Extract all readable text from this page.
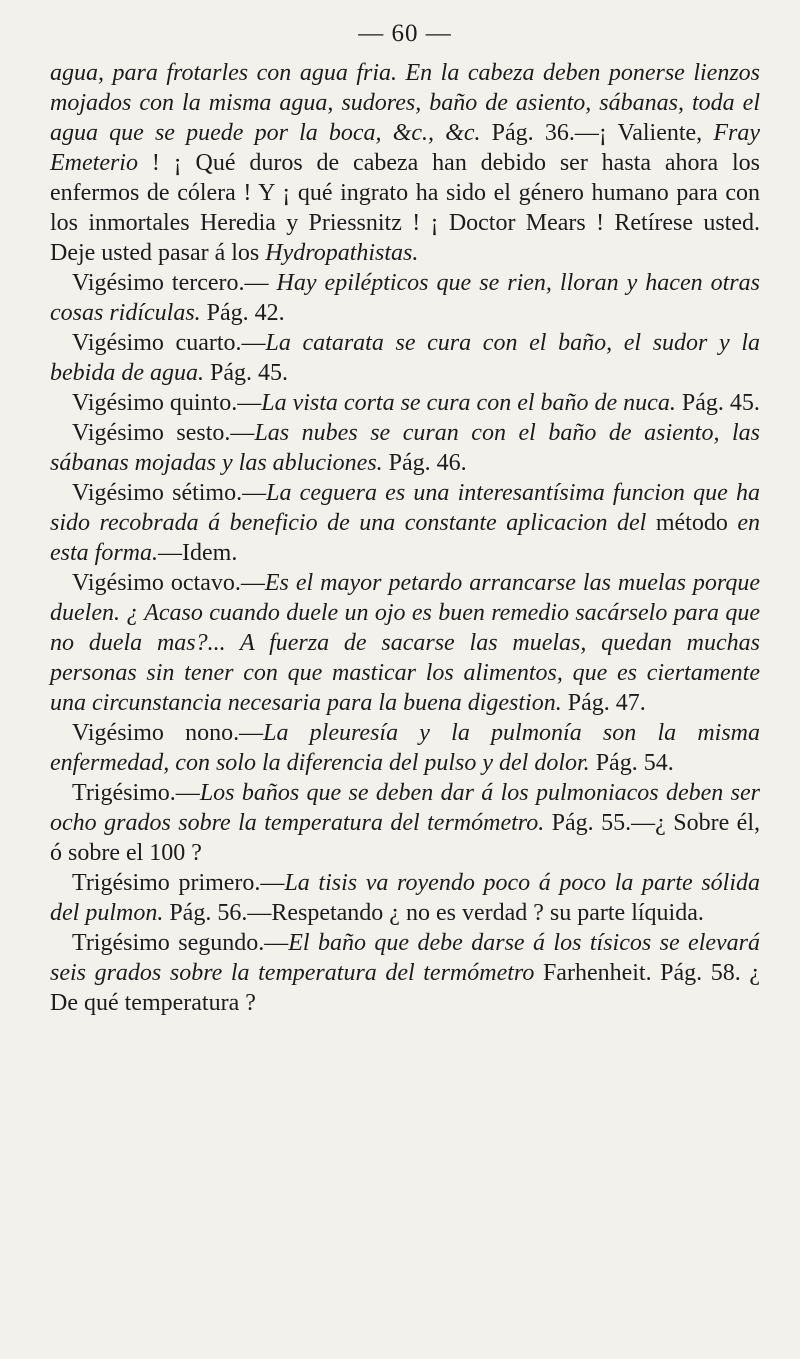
— 60 —

agua, para frotarles con agua fria. En la cabeza deben ponerse lienzos mojados con la misma agua, sudores, baño de asiento, sábanas, toda el agua que se puede por la boca, &c., &c. Pág. 36.—¡ Valiente, Fray Emeterio ! ¡ Qué duros de cabeza han debido ser hasta ahora los enfermos de cólera ! Y ¡ qué ingrato ha sido el género humano para con los inmortales Heredia y Priessnitz ! ¡ Doctor Mears ! Retírese usted. Deje usted pasar á los Hydropathistas.

Vigésimo tercero.— Hay epilépticos que se rien, lloran y hacen otras cosas ridículas. Pág. 42.

Vigésimo cuarto.—La catarata se cura con el baño, el sudor y la bebida de agua. Pág. 45.

Vigésimo quinto.—La vista corta se cura con el baño de nuca. Pág. 45.

Vigésimo sesto.—Las nubes se curan con el baño de asiento, las sábanas mojadas y las abluciones. Pág. 46.

Vigésimo sétimo.—La ceguera es una interesantísima funcion que ha sido recobrada á beneficio de una constante aplicacion del método en esta forma.—Idem.

Vigésimo octavo.—Es el mayor petardo arrancarse las muelas porque duelen. ¿ Acaso cuando duele un ojo es buen remedio sacárselo para que no duela mas?... A fuerza de sacarse las muelas, quedan muchas personas sin tener con que masticar los alimentos, que es ciertamente una circunstancia necesaria para la buena digestion. Pág. 47.

Vigésimo nono.—La pleuresía y la pulmonía son la misma enfermedad, con solo la diferencia del pulso y del dolor. Pág. 54.

Trigésimo.—Los baños que se deben dar á los pulmoniacos deben ser ocho grados sobre la temperatura del termómetro. Pág. 55.—¿ Sobre él, ó sobre el 100 ?

Trigésimo primero.—La tisis va royendo poco á poco la parte sólida del pulmon. Pág. 56.—Respetando ¿ no es verdad ? su parte líquida.

Trigésimo segundo.—El baño que debe darse á los tísicos se elevará seis grados sobre la temperatura del termómetro Farhenheit. Pág. 58. ¿ De qué temperatura ?
